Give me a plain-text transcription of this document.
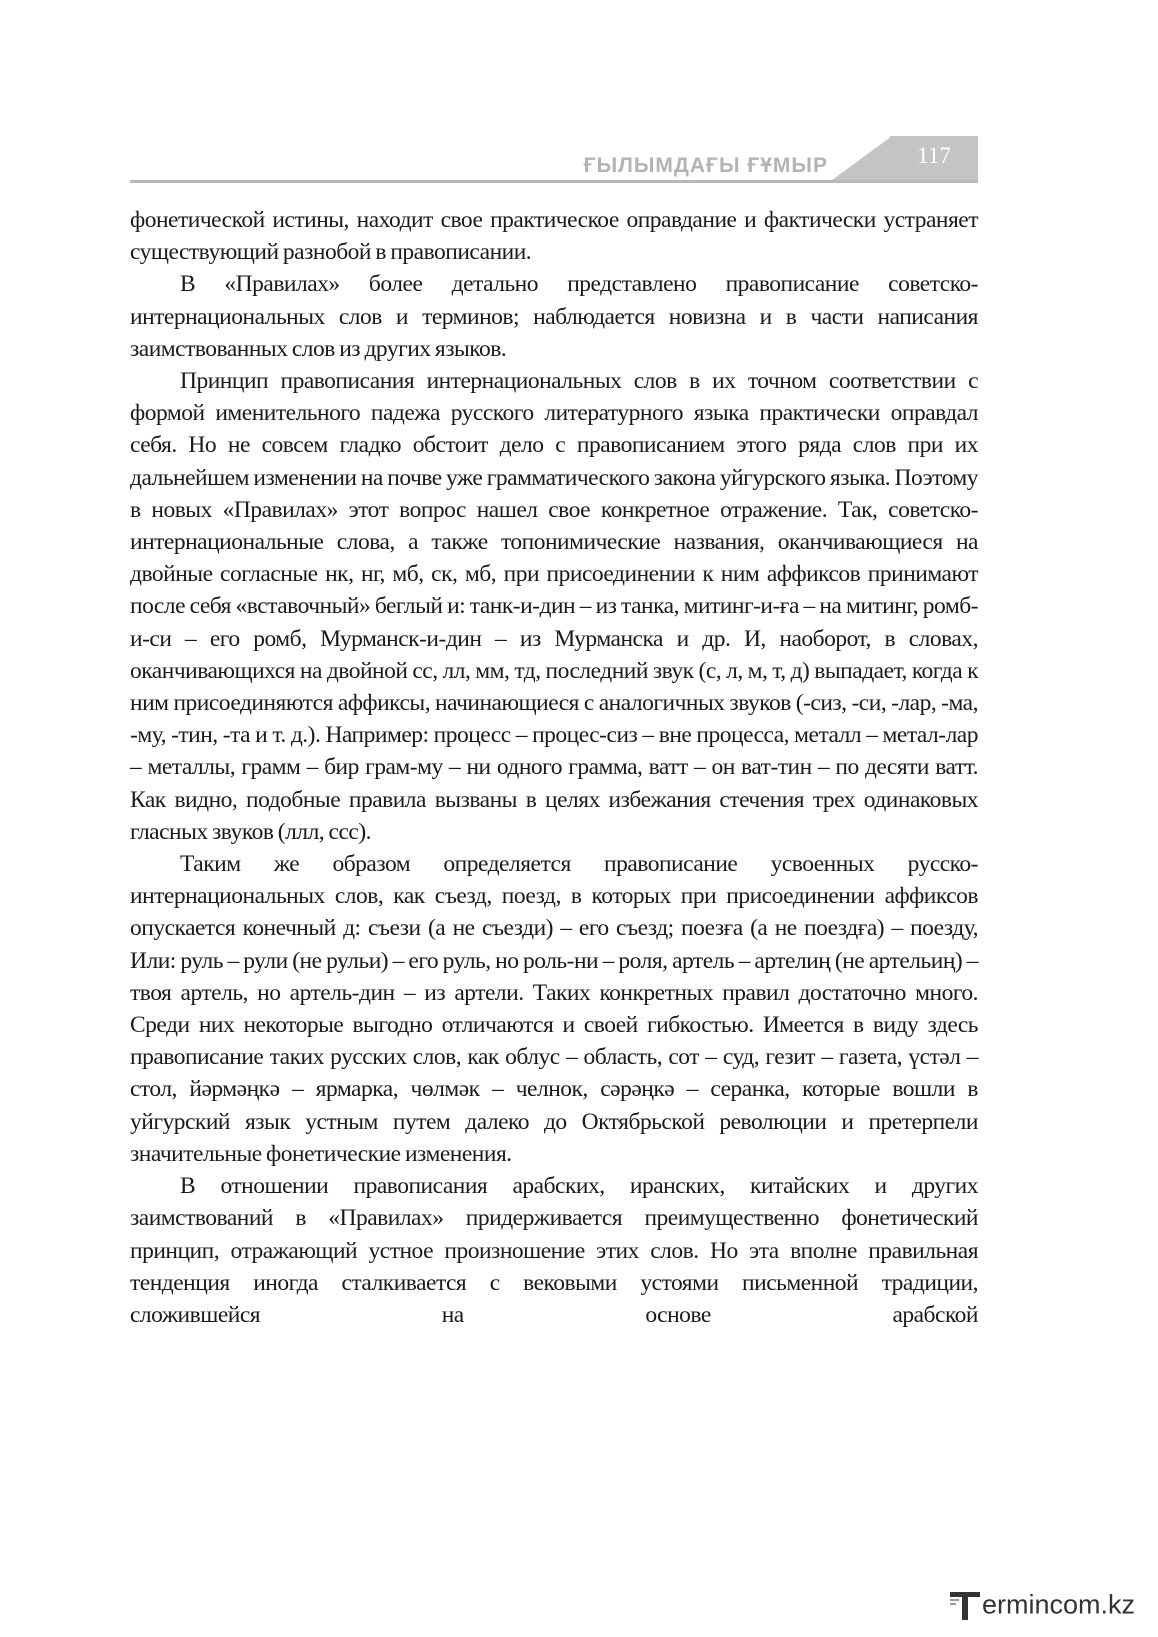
117
ҒЫЛЫМДАҒЫ ҒҰМЫР

фонетической истины, находит свое практическое оправдание и фактически устраняет существующий разнобой в правописании.

В «Правилах» более детально представлено правописание советско-интернациональных слов и терминов; наблюдается новизна и в части написания заимствованных слов из других языков.

Принцип правописания интернациональных слов в их точном соответствии с формой именительного падежа русского литературного языка практически оправдал себя. Но не совсем гладко обстоит дело с правописанием этого ряда слов при их дальнейшем изменении на почве уже грамматического закона уйгурского языка. Поэтому в новых «Правилах» этот вопрос нашел свое конкретное отражение. Так, советско-интернациональные слова, а также топонимические названия, оканчивающиеся на двойные согласные нк, нг, мб, ск, мб, при присоединении к ним аффиксов принимают после себя «вставочный» беглый и: танк-и-дин – из танка, митинг-и-ға – на митинг, ромб-и-си – его ромб, Мурманск-и-дин – из Мурманска и др. И, наоборот, в словах, оканчивающихся на двойной сс, лл, мм, тд, последний звук (с, л, м, т, д) выпадает, когда к ним присоединяются аффиксы, начинающиеся с аналогичных звуков (-сиз, -си, -лар, -ма, -му, -тин, -та и т. д.). Например: процесс – процес-сиз – вне процесса, металл – метал-лар – металлы, грамм – бир грам-му – ни одного грамма, ватт – он ват-тин – по десяти ватт. Как видно, подобные правила вызваны в целях избежания стечения трех одинаковых гласных звуков (ллл, ссс).

Таким же образом определяется правописание усвоенных русско-интернациональных слов, как съезд, поезд, в которых при присоединении аффиксов опускается конечный д: съези (а не съезди) – его съезд; поезға (а не поездға) – поезду, Или: руль – рули (не рульи) – его руль, но роль-ни – роля, артель – артелиң (не артельиң) – твоя артель, но артель-дин – из артели. Таких конкретных правил достаточно много. Среди них некоторые выгодно отличаются и своей гибкостью. Имеется в виду здесь правописание таких русских слов, как облус – область, сот – суд, гезит – газета, үстәл – стол, йәрмәңкә – ярмарка, чөлмәк – челнок, сәрәңкә – серанка, которые вошли в уйгурский язык устным путем далеко до Октябрьской революции и претерпели значительные фонетические изменения.

В отношении правописания арабских, иранских, китайских и других заимствований в «Правилах» придерживается преимущественно фонетический принцип, отражающий устное произношение этих слов. Но эта вполне правильная тенденция иногда сталкивается с вековыми устоями письменной традиции, сложившейся на основе арабской

ermincom.kz
